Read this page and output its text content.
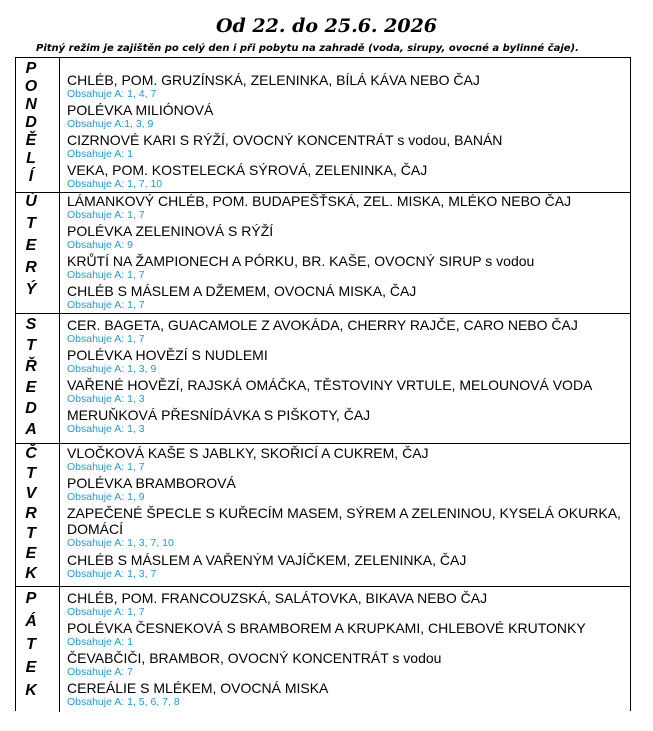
Od 22. do 25.6. 2026
Pitný režim je zajištěn po celý den i při pobytu na zahradě (voda, sirupy, ovocné a bylinné čaje).
P
O
N
D
Ě
L
Í
CHLÉB, POM. GRUZÍNSKÁ, ZELENINKA, BÍLÁ KÁVA NEBO ČAJ
Obsahuje A: 1, 4, 7
POLÉVKA MILIÓNOVÁ
Obsahuje A:1, 3, 9
CIZRNOVÉ KARI S RÝŽÍ, OVOCNÝ KONCENTRÁT s vodou, BANÁN
Obsahuje A: 1
VEKA, POM. KOSTELECKÁ SÝROVÁ, ZELENINKA, ČAJ
Obsahuje A: 1, 7, 10
Ú
T
E
R
Ý
LÁMANKOVÝ CHLÉB, POM. BUDAPEŠŤSKÁ, ZEL. MISKA, MLÉKO NEBO ČAJ
Obsahuje A: 1, 7
POLÉVKA ZELENINOVÁ S RÝŽÍ
Obsahuje A: 9
KRŮTÍ NA ŽAMPIONECH A PÓRKU, BR. KAŠE, OVOCNÝ SIRUP s vodou
Obsahuje A: 1, 7
CHLÉB S MÁSLEM A DŽEMEM, OVOCNÁ MISKA, ČAJ
Obsahuje A: 1, 7
S
T
Ř
E
D
A
CER. BAGETA, GUACAMOLE Z AVOKÁDA, CHERRY RAJČE, CARO NEBO ČAJ
Obsahuje A: 1, 7
POLÉVKA HOVĚZÍ S NUDLEMI
Obsahuje A: 1, 3, 9
VAŘENÉ HOVĚZÍ, RAJSKÁ OMÁČKA, TĚSTOVINY VRTULE, MELOUNOVÁ VODA
Obsahuje A: 1, 3
MERUŇKOVÁ PŘESNÍDÁVKA S PIŠKOTY, ČAJ
Obsahuje A: 1, 3
Č
T
V
R
T
E
K
VLOČKOVÁ KAŠE S JABLKY, SKOŘICÍ A CUKREM, ČAJ
Obsahuje A: 1, 7
POLÉVKA BRAMBOROVÁ
Obsahuje A: 1, 9
ZAPEČENÉ ŠPECLE S KUŘECÍM MASEM, SÝREM A ZELENINOU, KYSELÁ OKURKA, DOMÁCÍ
Obsahuje A: 1, 3, 7, 10
CHLÉB S MÁSLEM A VAŘENÝM VAJÍČKEM, ZELENINKA, ČAJ
Obsahuje A: 1, 3, 7
P
Á
T
E
K
CHLÉB, POM. FRANCOUZSKÁ, SALÁTOVKA, BIKAVA NEBO ČAJ
Obsahuje A: 1, 7
POLÉVKA ČESNEKOVÁ S BRAMBOREM A KRUPKAMI, CHLEBOVÉ KRUTONKY
Obsahuje A: 1
ČEVABČIČI, BRAMBOR, OVOCNÝ KONCENTRÁT s vodou
Obsahuje A: 7
CEREÁLIE S MLÉKEM, OVOCNÁ MISKA
Obsahuje A: 1, 5, 6, 7, 8
